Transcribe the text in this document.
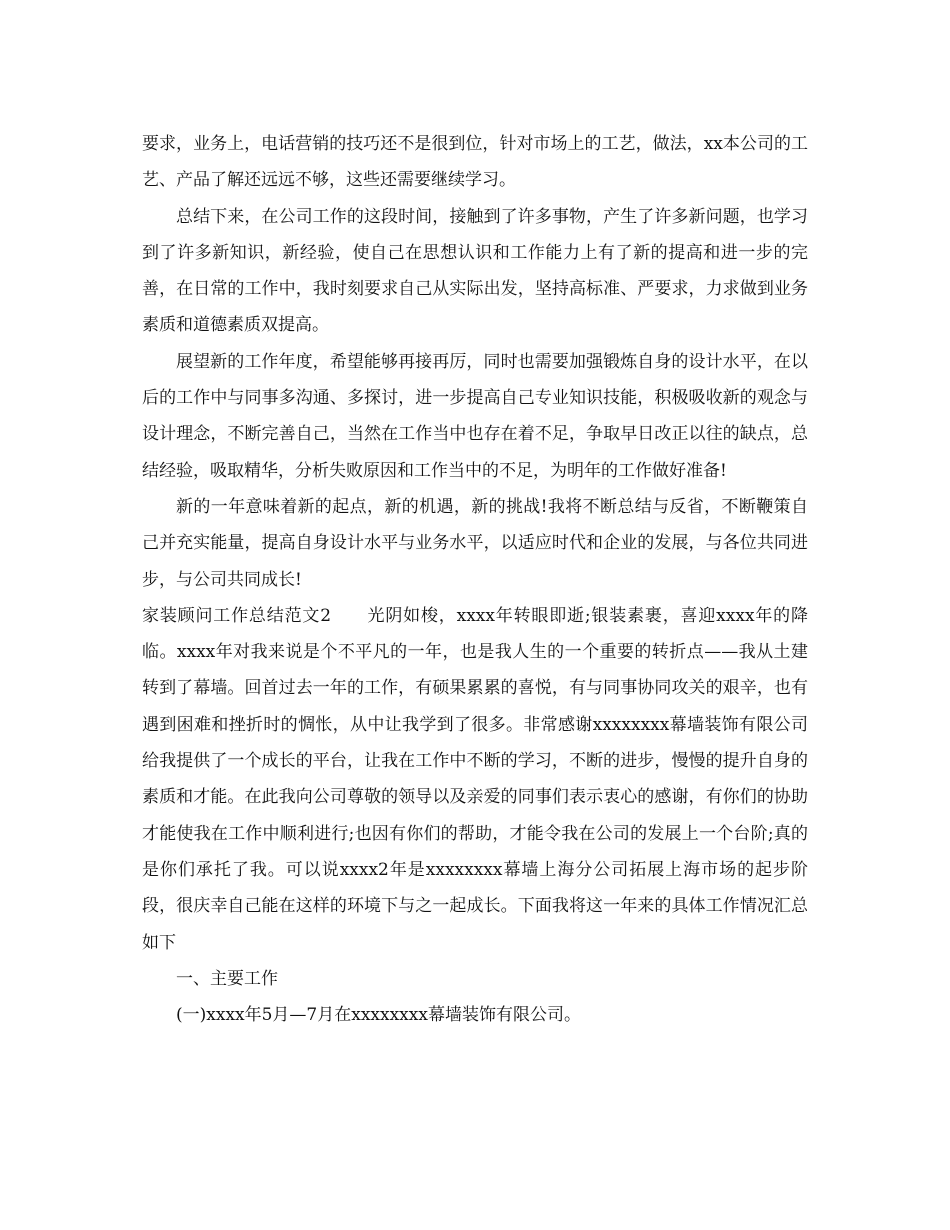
要求，业务上，电话营销的技巧还不是很到位，针对市场上的工艺，做法，xx本公司的工艺、产品了解还远远不够，这些还需要继续学习。

总结下来，在公司工作的这段时间，接触到了许多事物，产生了许多新问题，也学习到了许多新知识，新经验，使自己在思想认识和工作能力上有了新的提高和进一步的完善，在日常的工作中，我时刻要求自己从实际出发，坚持高标准、严要求，力求做到业务素质和道德素质双提高。

展望新的工作年度，希望能够再接再厉，同时也需要加强锻炼自身的设计水平，在以后的工作中与同事多沟通、多探讨，进一步提高自己专业知识技能，积极吸收新的观念与设计理念，不断完善自己，当然在工作当中也存在着不足，争取早日改正以往的缺点，总结经验，吸取精华，分析失败原因和工作当中的不足，为明年的工作做好准备!

新的一年意味着新的起点，新的机遇，新的挑战!我将不断总结与反省，不断鞭策自己并充实能量，提高自身设计水平与业务水平，以适应时代和企业的发展，与各位共同进步，与公司共同成长!

家装顾问工作总结范文2　　光阴如梭，xxxx年转眼即逝;银装素裹，喜迎xxxx年的降临。xxxx年对我来说是个不平凡的一年，也是我人生的一个重要的转折点——我从土建转到了幕墙。回首过去一年的工作，有硕果累累的喜悦，有与同事协同攻关的艰辛，也有遇到困难和挫折时的惆怅，从中让我学到了很多。非常感谢xxxxxxxx幕墙装饰有限公司给我提供了一个成长的平台，让我在工作中不断的学习，不断的进步，慢慢的提升自身的素质和才能。在此我向公司尊敬的领导以及亲爱的同事们表示衷心的感谢，有你们的协助才能使我在工作中顺利进行;也因有你们的帮助，才能令我在公司的发展上一个台阶;真的是你们承托了我。可以说xxxx2年是xxxxxxxx幕墙上海分公司拓展上海市场的起步阶段，很庆幸自己能在这样的环境下与之一起成长。下面我将这一年来的具体工作情况汇总如下

一、主要工作

(一)xxxx年5月—7月在xxxxxxxx幕墙装饰有限公司。
